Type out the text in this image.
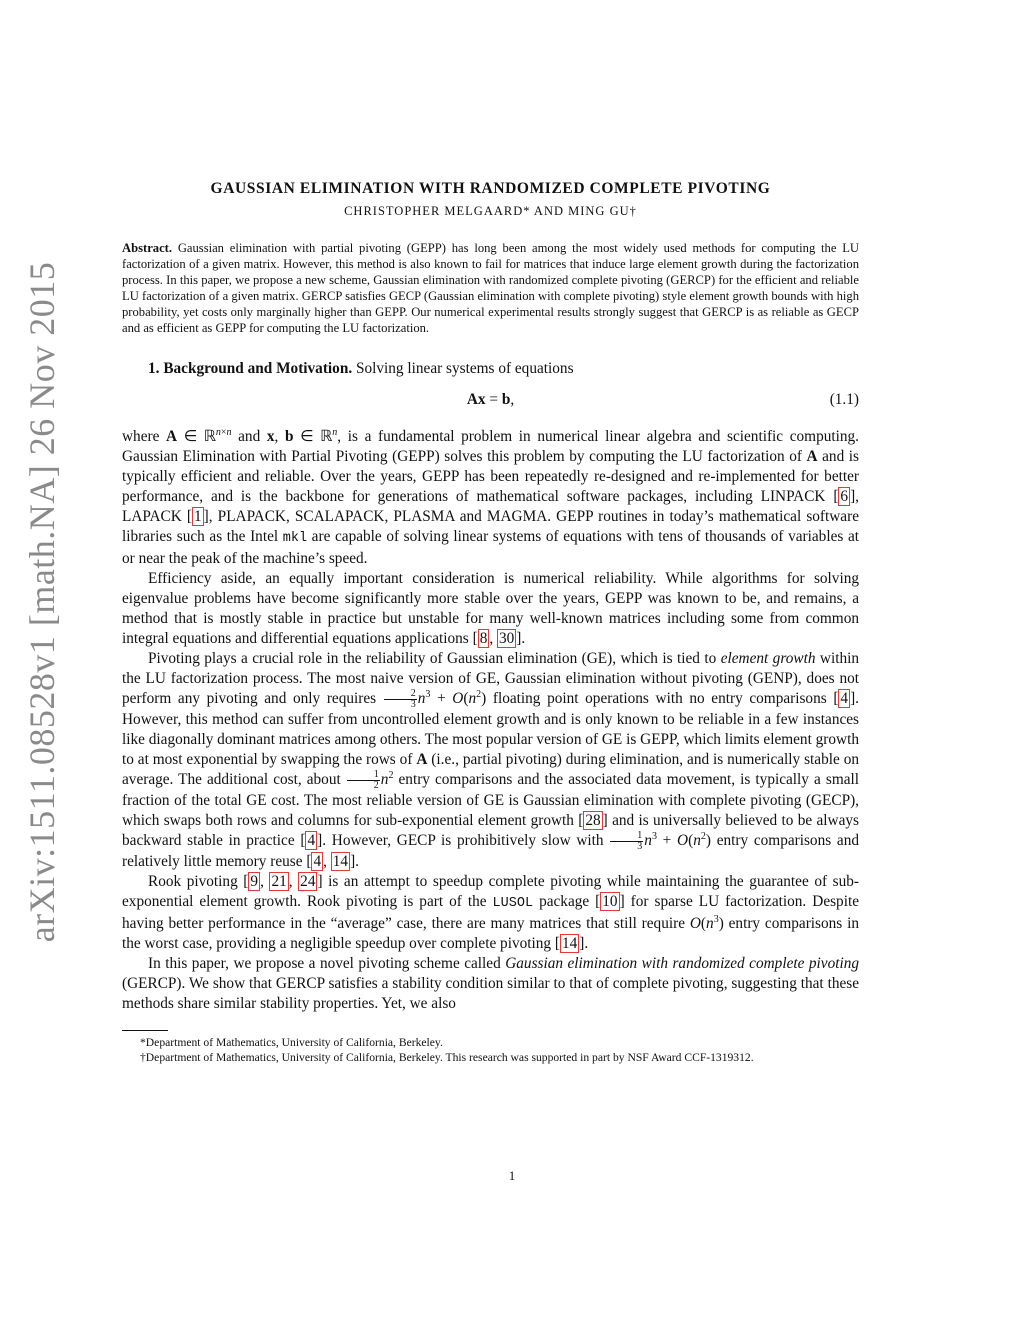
arXiv:1511.08528v1 [math.NA] 26 Nov 2015
GAUSSIAN ELIMINATION WITH RANDOMIZED COMPLETE PIVOTING

CHRISTOPHER MELGAARD* AND MING GU†

Abstract. Gaussian elimination with partial pivoting (GEPP) has long been among the most widely used methods for computing the LU factorization of a given matrix. However, this method is also known to fail for matrices that induce large element growth during the factorization process. In this paper, we propose a new scheme, Gaussian elimination with randomized complete pivoting (GERCP) for the efficient and reliable LU factorization of a given matrix. GERCP satisfies GECP (Gaussian elimination with complete pivoting) style element growth bounds with high probability, yet costs only marginally higher than GEPP. Our numerical experimental results strongly suggest that GERCP is as reliable as GECP and as efficient as GEPP for computing the LU factorization.

1. Background and Motivation. Solving linear systems of equations

Ax = b,	(1.1)

where A ∈ ℝ$^{n\times n}$ and x, b ∈ ℝ$^n$, is a fundamental problem in numerical linear algebra and scientific computing. Gaussian Elimination with Partial Pivoting (GEPP) solves this problem by computing the LU factorization of A and is typically efficient and reliable. Over the years, GEPP has been repeatedly re-designed and re-implemented for better performance, and is the backbone for generations of mathematical software packages, including LINPACK [ 6 ], LAPACK [ 1 ], PLAPACK, SCALAPACK, PLASMA and MAGMA. GEPP routines in today’s mathematical software libraries such as the Intel mkl are capable of solving linear systems of equations with tens of thousands of variables at or near the peak of the machine’s speed.

Efficiency aside, an equally important consideration is numerical reliability. While algorithms for solving eigenvalue problems have become significantly more stable over the years, GEPP was known to be, and remains, a method that is mostly stable in practice but unstable for many well-known matrices including some from common integral equations and differential equations applications [ 8 , 30 ].

Pivoting plays a crucial role in the reliability of Gaussian elimination (GE), which is tied to element growth within the LU factorization process. The most naive version of GE, Gaussian elimination without pivoting (GENP), does not perform any pivoting and only requires $\frac{2}{3} n^3 + O(n^2)$ floating point operations with no entry comparisons [ 4 ]. However, this method can suffer from uncontrolled element growth and is only known to be reliable in a few instances like diagonally dominant matrices among others. The most popular version of GE is GEPP, which limits element growth to at most exponential by swapping the rows of A (i.e., partial pivoting) during elimination, and is numerically stable on average. The additional cost, about $\frac{1}{2} n^2$ entry comparisons and the associated data movement, is typically a small fraction of the total GE cost. The most reliable version of GE is Gaussian elimination with complete pivoting (GECP), which swaps both rows and columns for sub-exponential element growth [ 28 ] and is universally believed to be always backward stable in practice [ 4 ]. However, GECP is prohibitively slow with $\frac{1}{3} n^3 + O(n^2)$ entry comparisons and relatively little memory reuse [ 4 , 14 ].

Rook pivoting [ 9 , 21 , 24 ] is an attempt to speedup complete pivoting while maintaining the guarantee of sub-exponential element growth. Rook pivoting is part of the LUSOL package [ 10 ] for sparse LU factorization. Despite having better performance in the “average” case, there are many matrices that still require $O(n^3)$ entry comparisons in the worst case, providing a negligible speedup over complete pivoting [ 14 ].

In this paper, we propose a novel pivoting scheme called Gaussian elimination with randomized complete pivoting (GERCP). We show that GERCP satisfies a stability condition similar to that of complete pivoting, suggesting that these methods share similar stability properties. Yet, we also

*Department of Mathematics, University of California, Berkeley.

†Department of Mathematics, University of California, Berkeley. This research was supported in part by NSF Award CCF-1319312.

1
